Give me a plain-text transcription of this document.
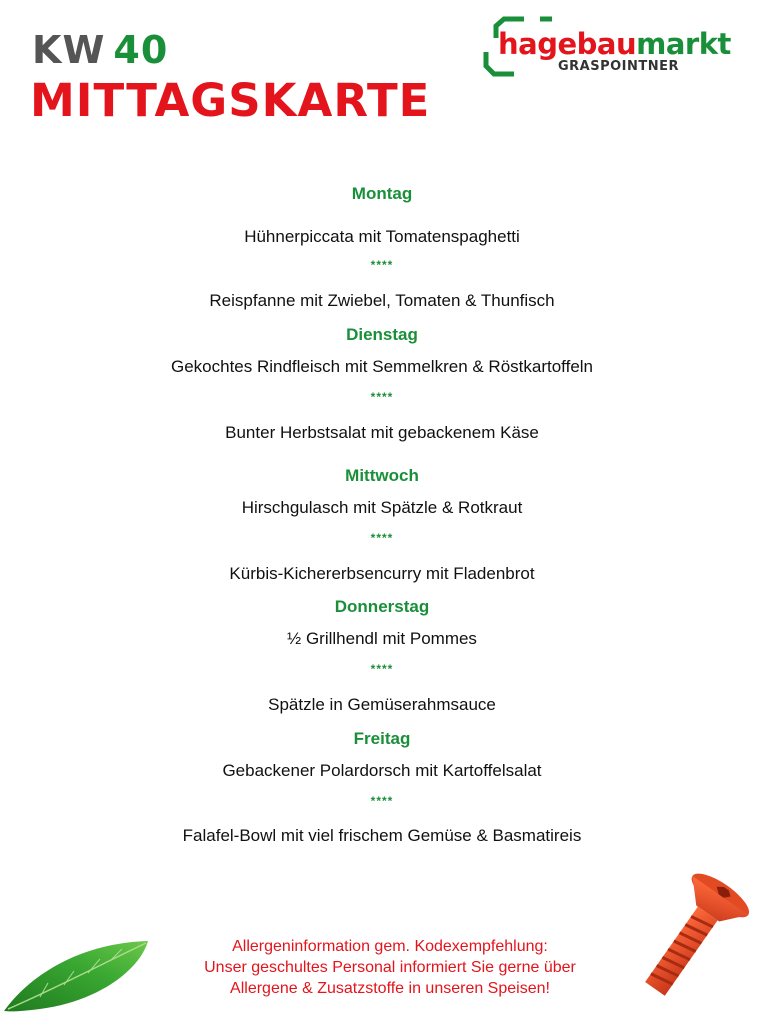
KW 40
MITTAGSKARTE
hagebaumarkt
GRASPOINTNER
Montag
Hühnerpiccata mit Tomatenspaghetti
****
Reispfanne mit Zwiebel, Tomaten & Thunfisch
Dienstag
Gekochtes Rindfleisch mit Semmelkren & Röstkartoffeln
****
Bunter Herbstsalat mit gebackenem Käse
Mittwoch
Hirschgulasch mit Spätzle & Rotkraut
****
Kürbis-Kichererbsencurry mit Fladenbrot
Donnerstag
½ Grillhendl mit Pommes
****
Spätzle in Gemüserahmsauce
Freitag
Gebackener Polardorsch mit Kartoffelsalat
****
Falafel-Bowl mit viel frischem Gemüse & Basmatireis
Allergeninformation gem. Kodexempfehlung:
Unser geschultes Personal informiert Sie gerne über
Allergene & Zusatzstoffe in unseren Speisen!
